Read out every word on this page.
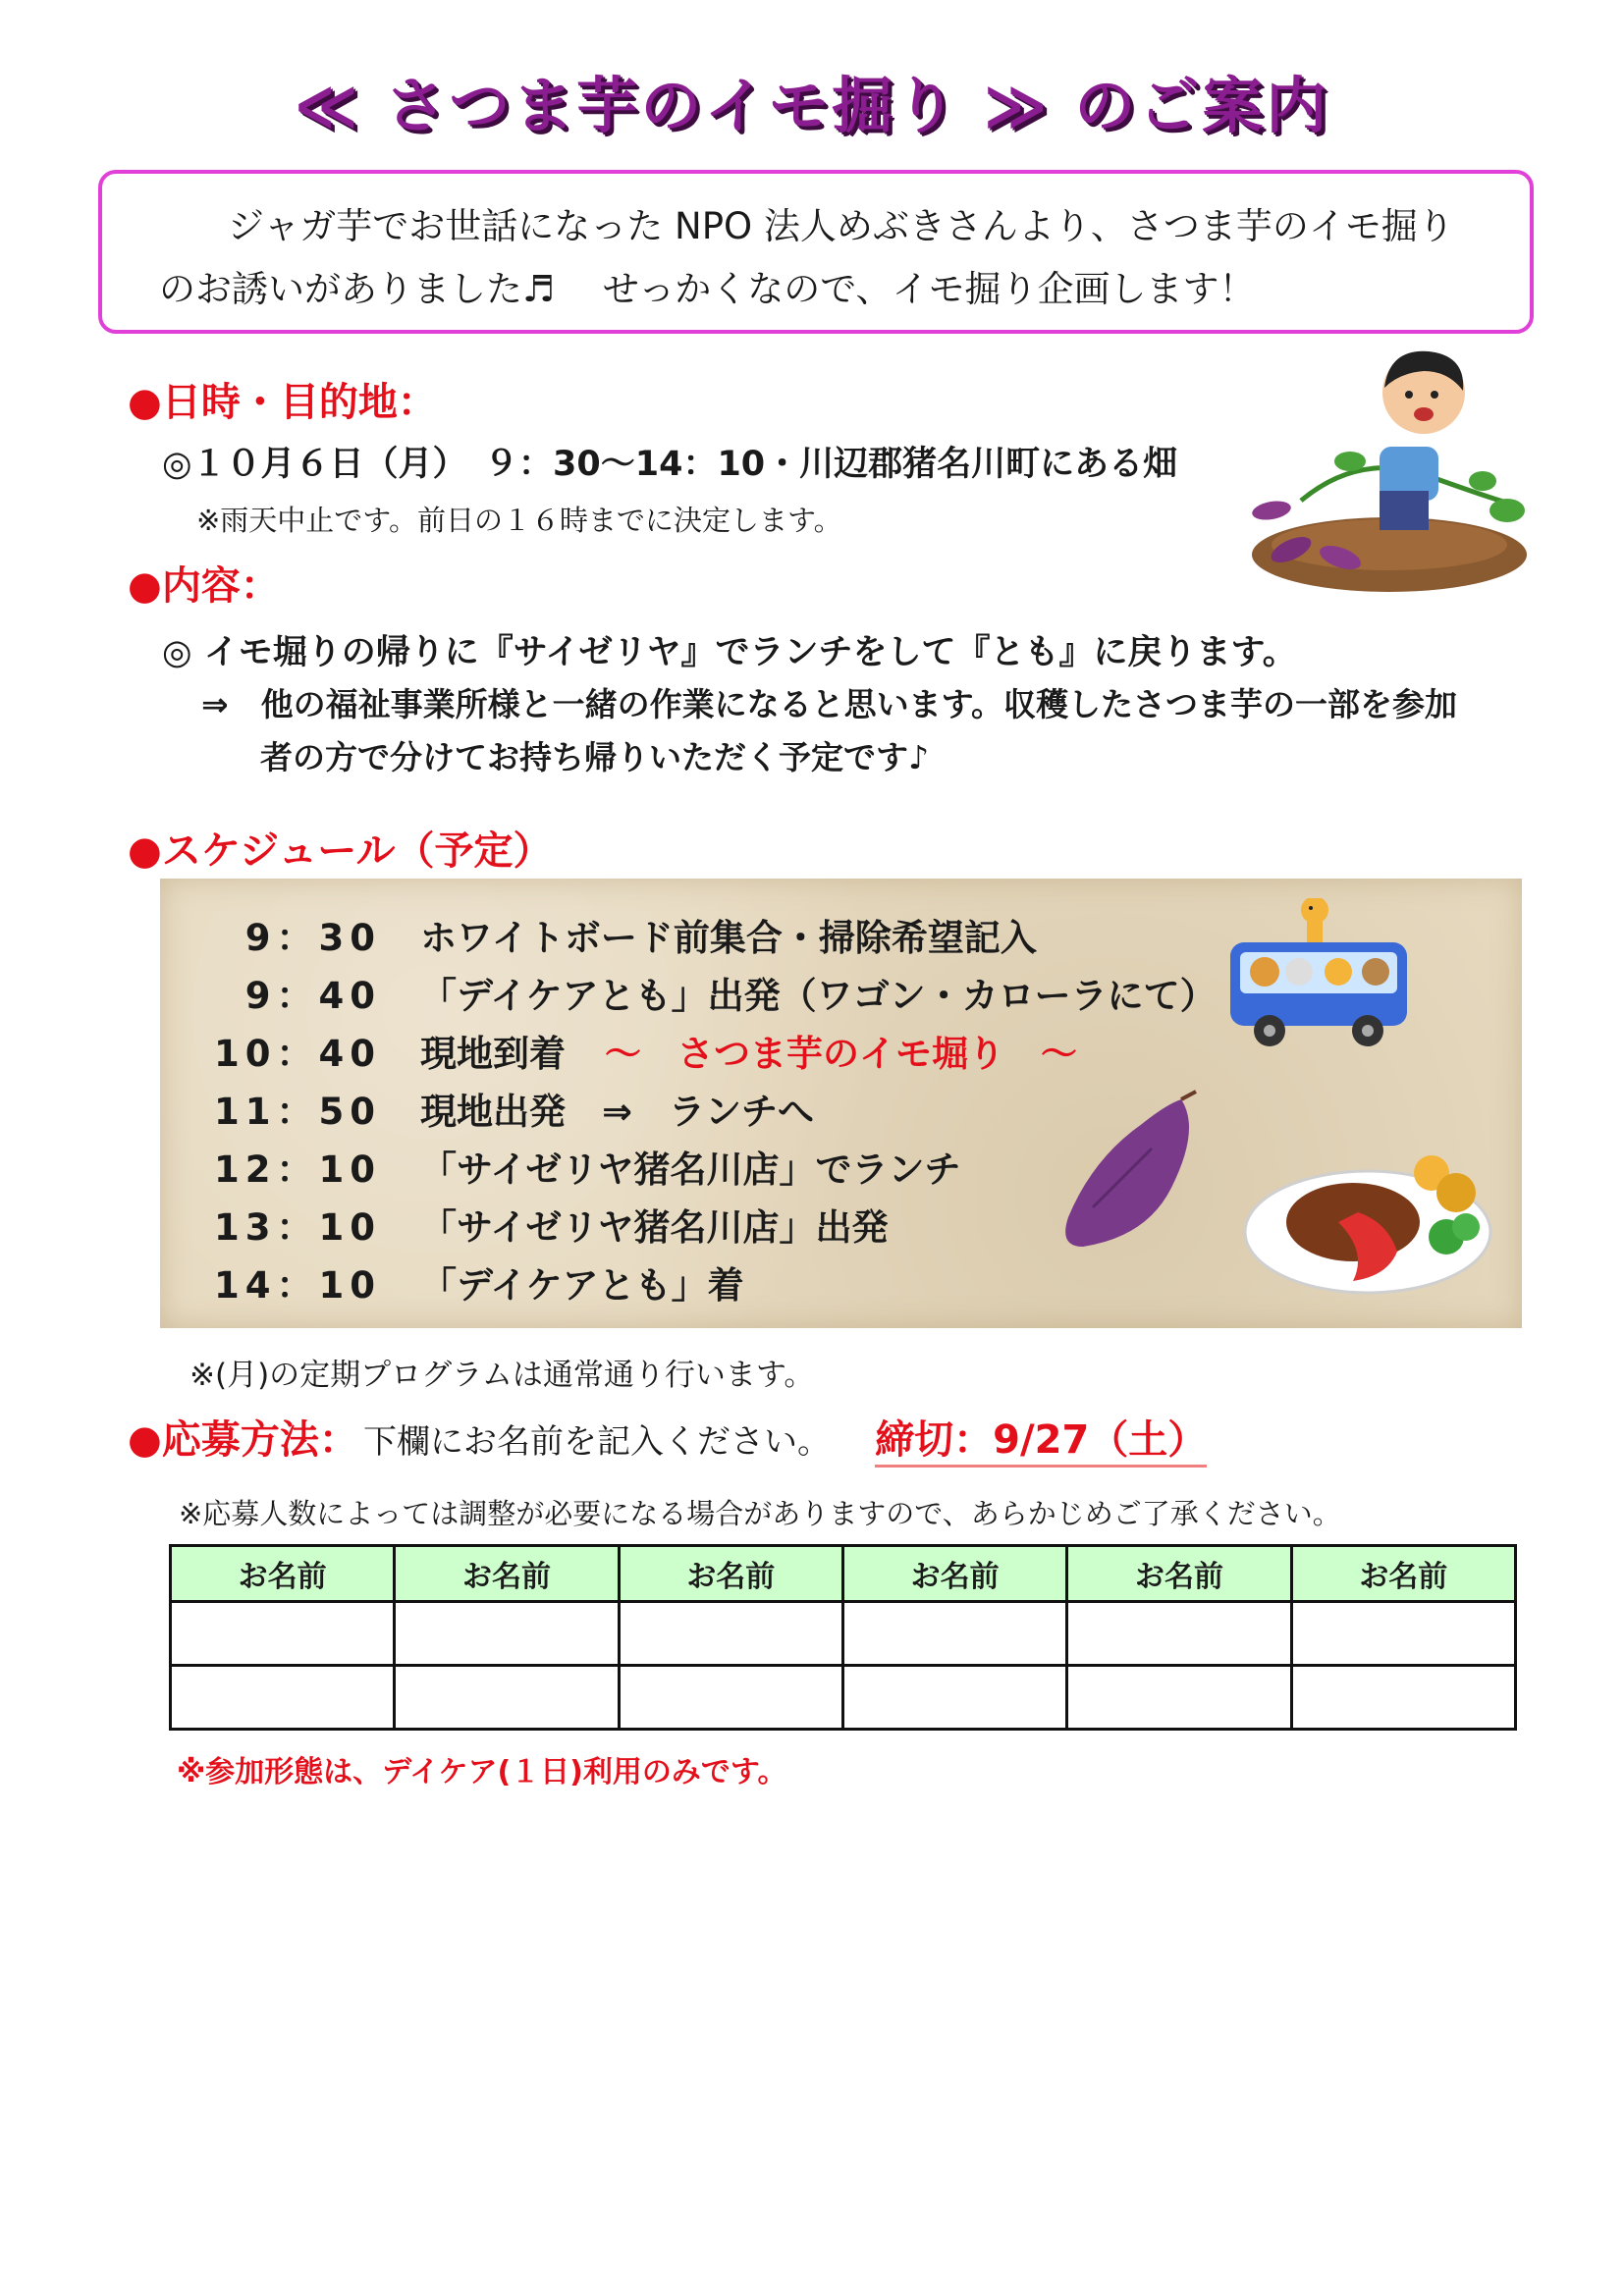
≪ さつま芋のイモ掘り ≫ のご案内
ジャガ芋でお世話になった NPO 法人めぶきさんより、さつま芋のイモ掘り
のお誘いがありました♬　 せっかくなので、イモ掘り企画します！
●日時・目的地：
◎１０月６日（月）　９：30～14：10・川辺郡猪名川町にある畑
※雨天中止です。前日の１６時までに決定します。
●内容：
◎ イモ堀りの帰りに『サイゼリヤ』でランチをして『とも』に戻ります。
⇒　他の福祉事業所様と一緒の作業になると思います。収穫したさつま芋の一部を参加
者の方で分けてお持ち帰りいただく予定です♪
●スケジュール（予定）
9：30 ホワイトボード前集合・掃除希望記入
9：40 「デイケアとも」出発（ワゴン・カローラにて）
10：40 現地到着 ～　さつま芋のイモ堀り　～
11：50 現地出発　⇒　ランチへ
12：10 「サイゼリヤ猪名川店」でランチ
13：10 「サイゼリヤ猪名川店」出発
14：10 「デイケアとも」着
※(月)の定期プログラムは通常通り行います。
●応募方法： 下欄にお名前を記入ください。 締切：9/27（土）
※応募人数によっては調整が必要になる場合がありますので、あらかじめご了承ください。
お名前	お名前	お名前	お名前	お名前	お名前

※参加形態は、デイケア(１日)利用のみです。
